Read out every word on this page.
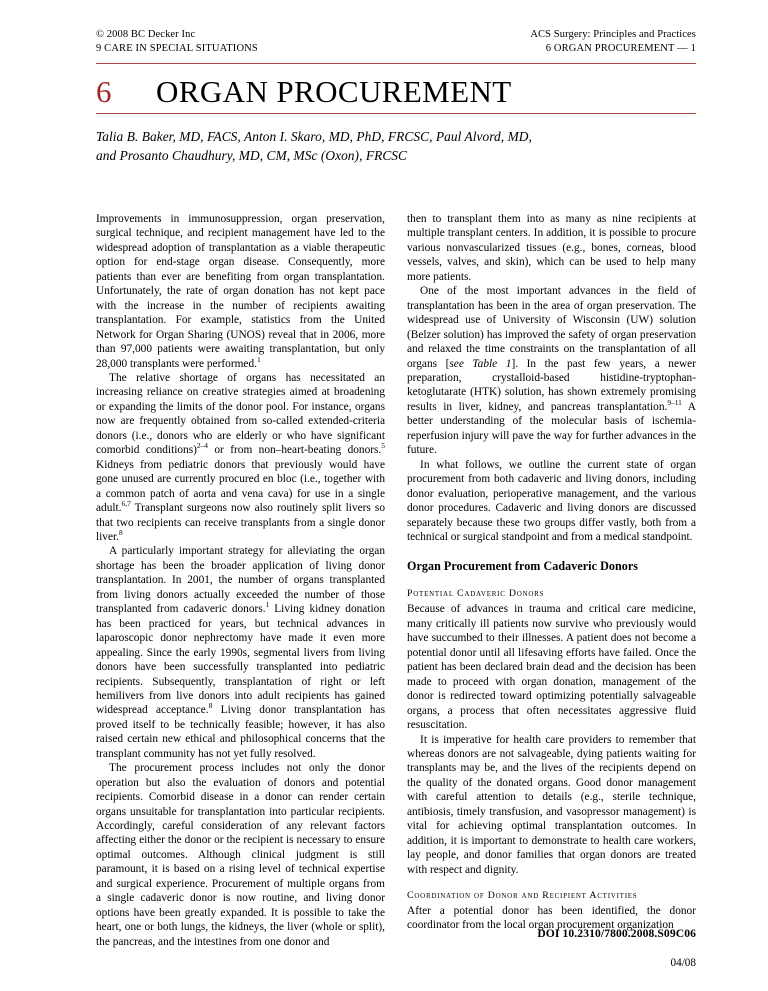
© 2008 BC Decker Inc
9 CARE IN SPECIAL SITUATIONS
ACS Surgery: Principles and Practices
6 ORGAN PROCUREMENT — 1
6	ORGAN PROCUREMENT
Talia B. Baker, MD, FACS, Anton I. Skaro, MD, PhD, FRCSC, Paul Alvord, MD,
and Prosanto Chaudhury, MD, CM, MSc (Oxon), FRCSC

Improvements in immunosuppression, organ preservation, surgical technique, and recipient management have led to the widespread adoption of transplantation as a viable therapeutic option for end-stage organ disease. Consequently, more patients than ever are benefiting from organ transplantation. Unfortunately, the rate of organ donation has not kept pace with the increase in the number of recipients awaiting transplantation. For example, statistics from the United Network for Organ Sharing (UNOS) reveal that in 2006, more than 97,000 patients were awaiting transplantation, but only 28,000 transplants were performed.$^1$

The relative shortage of organs has necessitated an increasing reliance on creative strategies aimed at broadening or expanding the limits of the donor pool. For instance, organs now are frequently obtained from so-called extended-criteria donors (i.e., donors who are elderly or who have significant comorbid conditions)$^{2-4}$ or from non–heart-beating donors.$^5$ Kidneys from pediatric donors that previously would have gone unused are currently procured en bloc (i.e., together with a common patch of aorta and vena cava) for use in a single adult.$^{6,7}$ Transplant surgeons now also routinely split livers so that two recipients can receive transplants from a single donor liver.$^8$

A particularly important strategy for alleviating the organ shortage has been the broader application of living donor transplantation. In 2001, the number of organs transplanted from living donors actually exceeded the number of those transplanted from cadaveric donors.$^1$ Living kidney donation has been practiced for years, but technical advances in laparoscopic donor nephrectomy have made it even more appealing. Since the early 1990s, segmental livers from living donors have been successfully transplanted into pediatric recipients. Subsequently, transplantation of right or left hemilivers from live donors into adult recipients has gained widespread acceptance.$^8$ Living donor transplantation has proved itself to be technically feasible; however, it has also raised certain new ethical and philosophical concerns that the transplant community has not yet fully resolved.

The procurement process includes not only the donor operation but also the evaluation of donors and potential recipients. Comorbid disease in a donor can render certain organs unsuitable for transplantation into particular recipients. Accordingly, careful consideration of any relevant factors affecting either the donor or the recipient is necessary to ensure optimal outcomes. Although clinical judgment is still paramount, it is based on a rising level of technical expertise and surgical experience. Procurement of multiple organs from a single cadaveric donor is now routine, and living donor options have been greatly expanded. It is possible to take the heart, one or both lungs, the kidneys, the liver (whole or split), the pancreas, and the intestines from one donor and

then to transplant them into as many as nine recipients at multiple transplant centers. In addition, it is possible to procure various nonvascularized tissues (e.g., bones, corneas, blood vessels, valves, and skin), which can be used to help many more patients.

One of the most important advances in the field of transplantation has been in the area of organ preservation. The widespread use of University of Wisconsin (UW) solution (Belzer solution) has improved the safety of organ preservation and relaxed the time constraints on the transplantation of all organs [see Table 1]. In the past few years, a newer preparation, crystalloid-based histidine-tryptophan-ketoglutarate (HTK) solution, has shown extremely promising results in liver, kidney, and pancreas transplantation.$^{9-11}$ A better understanding of the molecular basis of ischemia-reperfusion injury will pave the way for further advances in the future.

In what follows, we outline the current state of organ procurement from both cadaveric and living donors, including donor evaluation, perioperative management, and the various donor procedures. Cadaveric and living donors are discussed separately because these two groups differ vastly, both from a technical or surgical standpoint and from a medical standpoint.

Organ Procurement from Cadaveric Donors
Potential Cadaveric Donors

Because of advances in trauma and critical care medicine, many critically ill patients now survive who previously would have succumbed to their illnesses. A patient does not become a potential donor until all lifesaving efforts have failed. Once the patient has been declared brain dead and the decision has been made to proceed with organ donation, management of the donor is redirected toward optimizing potentially salvageable organs, a process that often necessitates aggressive fluid resuscitation.

It is imperative for health care providers to remember that whereas donors are not salvageable, dying patients waiting for transplants may be, and the lives of the recipients depend on the quality of the donated organs. Good donor management with careful attention to details (e.g., sterile technique, antibiosis, timely transfusion, and vasopressor management) is vital for achieving optimal transplantation outcomes. In addition, it is important to demonstrate to health care workers, lay people, and donor families that organ donors are treated with respect and dignity.

Coordination of Donor and Recipient Activities

After a potential donor has been identified, the donor coordinator from the local organ procurement organization

DOI 10.2310/7800.2008.S09C06
04/08
